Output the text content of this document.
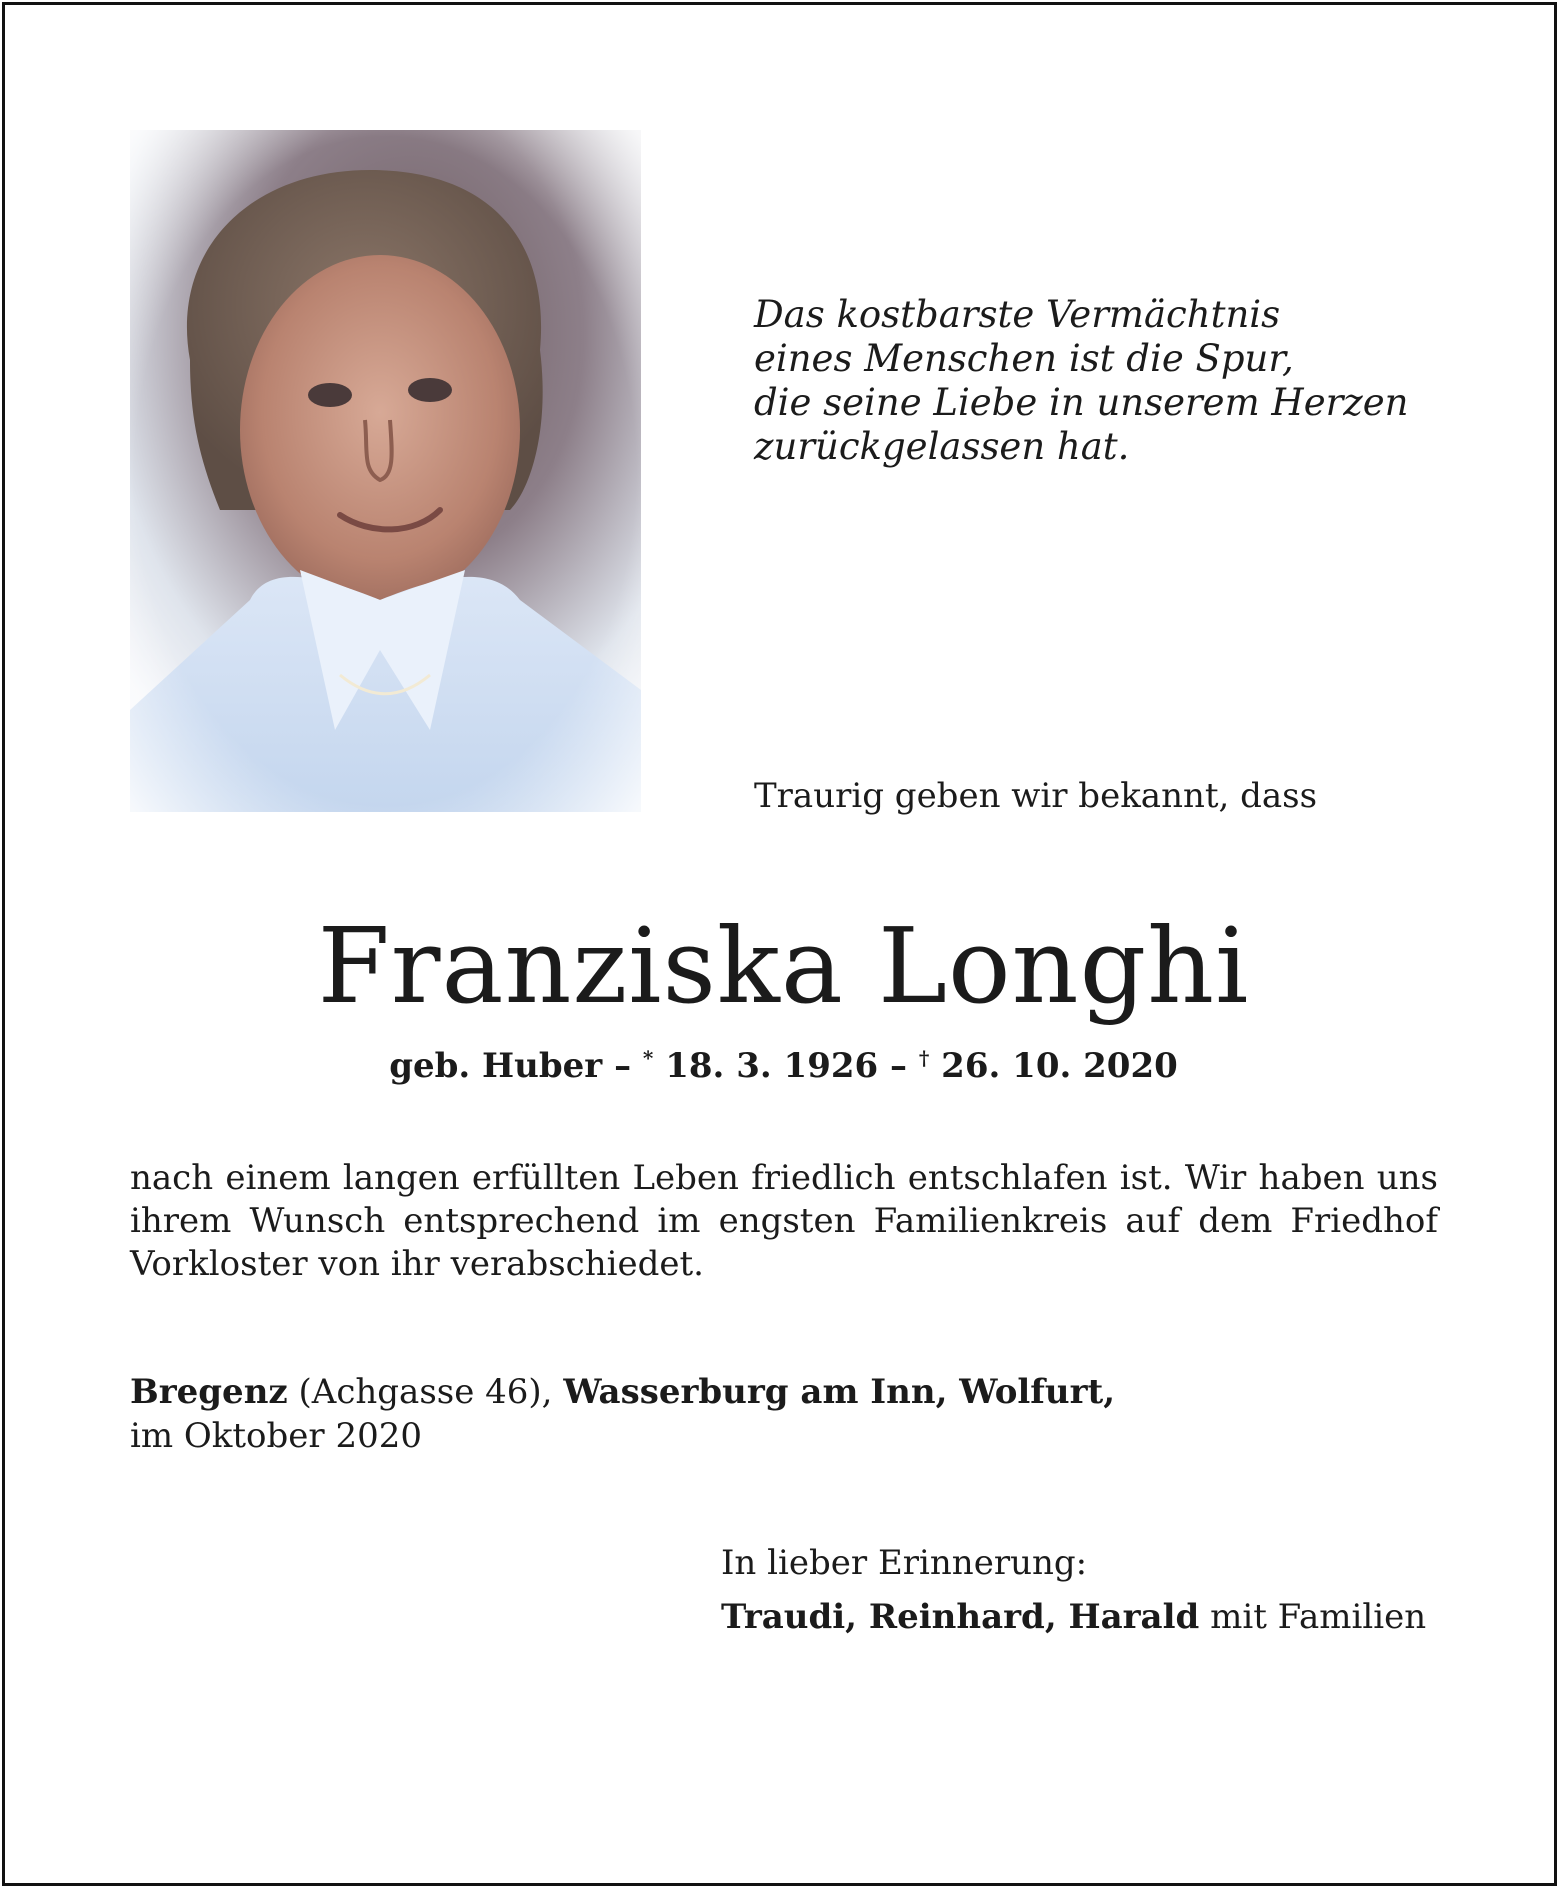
Das kostbarste Vermächtnis
eines Menschen ist die Spur,
die seine Liebe in unserem Herzen
zurückgelassen hat.

Traurig geben wir bekannt, dass

Franziska Longhi
geb. Huber – * 18. 3. 1926 – † 26. 10. 2020

nach einem langen erfüllten Leben friedlich entschlafen ist. Wir haben uns ihrem Wunsch entsprechend im engsten Familienkreis auf dem Friedhof Vorkloster von ihr verabschiedet.

Bregenz (Achgasse 46), Wasserburg am Inn, Wolfurt,
im Oktober 2020
In lieber Erinnerung:
Traudi, Reinhard, Harald mit Familien
